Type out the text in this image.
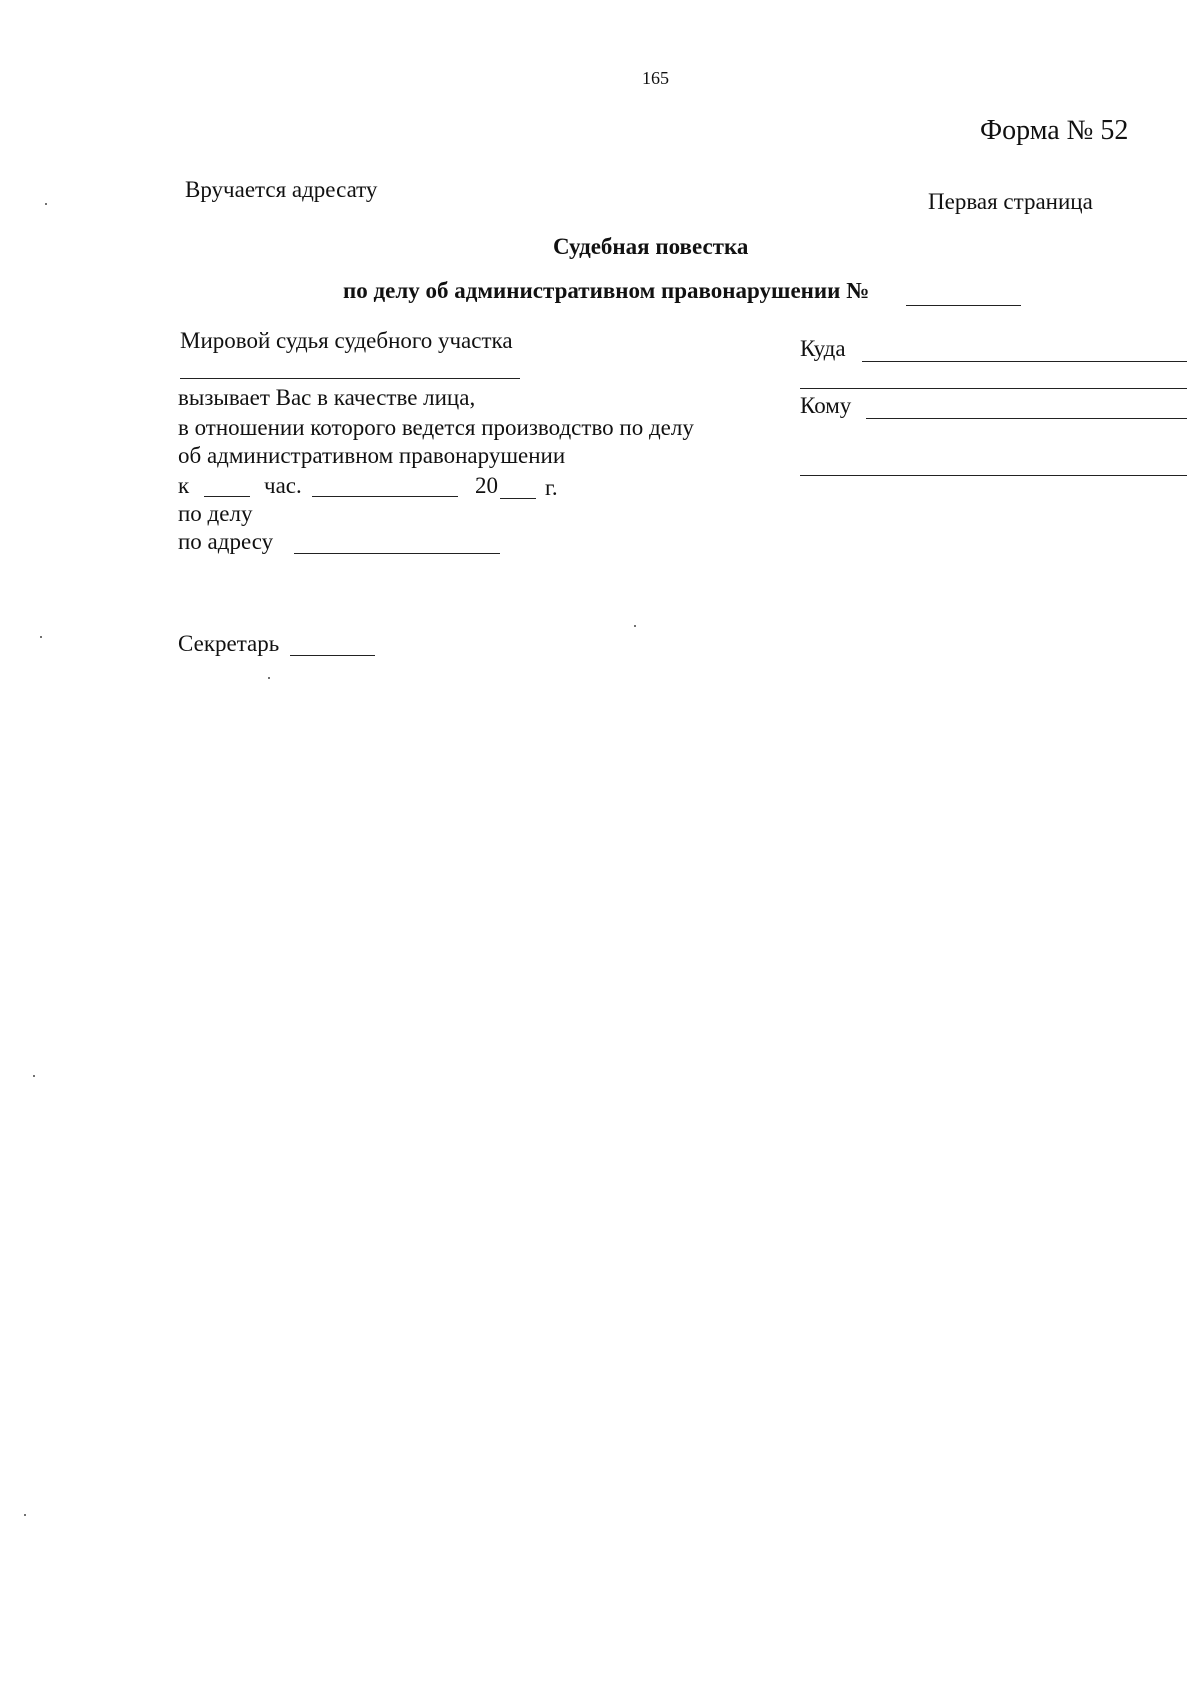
165
Форма № 52
Вручается адресату	Первая страница
Судебная повестка
по делу об административном правонарушении №
Мировой судья судебного участка
вызывает Вас в качестве лица,
в отношении которого ведется производство по делу
об административном правонарушении
к	час.	20 г.
по делу
по адресу
Секретарь
Куда
Кому
